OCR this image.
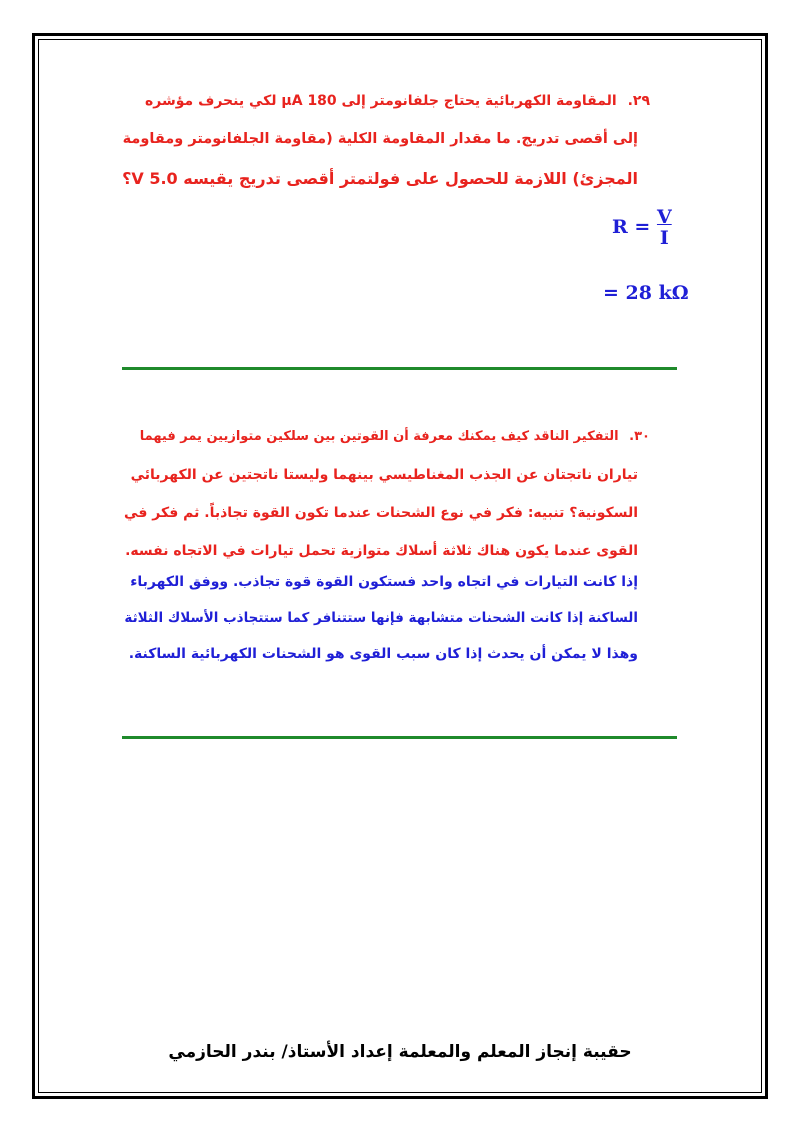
٢٩. المقاومة الكهربائية يحتاج جلفانومتر إلى 180 μA لكي ينحرف مؤشره
إلى أقصى تدريج. ما مقدار المقاومة الكلية (مقاومة الجلفانومتر ومقاومة
المجزئ) اللازمة للحصول على فولتمتر أقصى تدريج يقيسه 5.0 V؟
$R = \frac{V}{I}$
= 28 kΩ
٣٠. التفكير الناقد كيف يمكنك معرفة أن القوتين بين سلكين متوازيين يمر فيهما
تياران ناتجتان عن الجذب المغناطيسي بينهما وليستا ناتجتين عن الكهربائي
السكونية؟ تنبيه: فكر في نوع الشحنات عندما تكون القوة تجاذباً. ثم فكر في
القوى عندما يكون هناك ثلاثة أسلاك متوازية تحمل تيارات في الاتجاه نفسه.
إذا كانت التيارات في اتجاه واحد فستكون القوة قوة تجاذب. ووفق الكهرباء
الساكنة إذا كانت الشحنات متشابهة فإنها ستتنافر كما ستتجاذب الأسلاك الثلاثة
وهذا لا يمكن أن يحدث إذا كان سبب القوى هو الشحنات الكهربائية الساكنة.
حقيبة إنجاز المعلم والمعلمة إعداد الأستاذ/ بندر الحازمي
